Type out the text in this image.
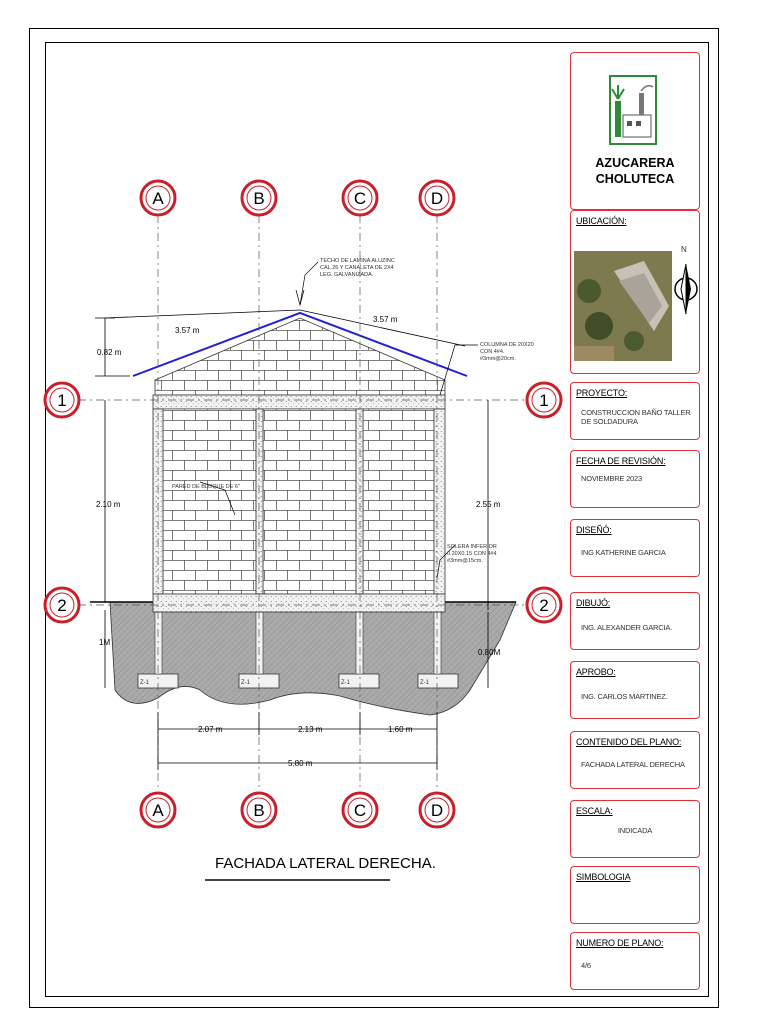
Z-1	Z-1	Z-1	Z-1
3.57 m
3.57 m
0.82 m
2.10 m	2.55 m
1M
0.80M
2.07 m	2.13 m	1.60 m
5.80 m
TECHO DE LAMINA ALUZINC CAL.26 Y CANALETA DE 2X4 LEG. GALVANIZADA.
COLUMNA DE 20X20 CON 4#4. #3mm@20cm.
PARED DE BLOQUE DE 6"
SOLERA INFERIOR 0.20X0.15 CON 4#4 #3mm@15cm.
A
A
B
B
C
C
D
D
1	1
2	2
FACHADA LATERAL DERECHA.
AZUCARERA
CHOLUTECA
UBICACIÓN:
N
PROYECTO:
CONSTRUCCION BAÑO TALLER DE SOLDADURA
FECHA DE REVISIÓN:
NOVIEMBRE 2023
DISEÑÓ:
ING KATHERINE GARCIA
DIBUJÓ:
ING. ALEXANDER GARCIA.
APROBO:
ING. CARLOS MARTINEZ.
CONTENIDO DEL PLANO:
FACHADA LATERAL DERECHA
ESCALA:
INDICADA
SIMBOLOGIA
NUMERO DE PLANO:
4/6
